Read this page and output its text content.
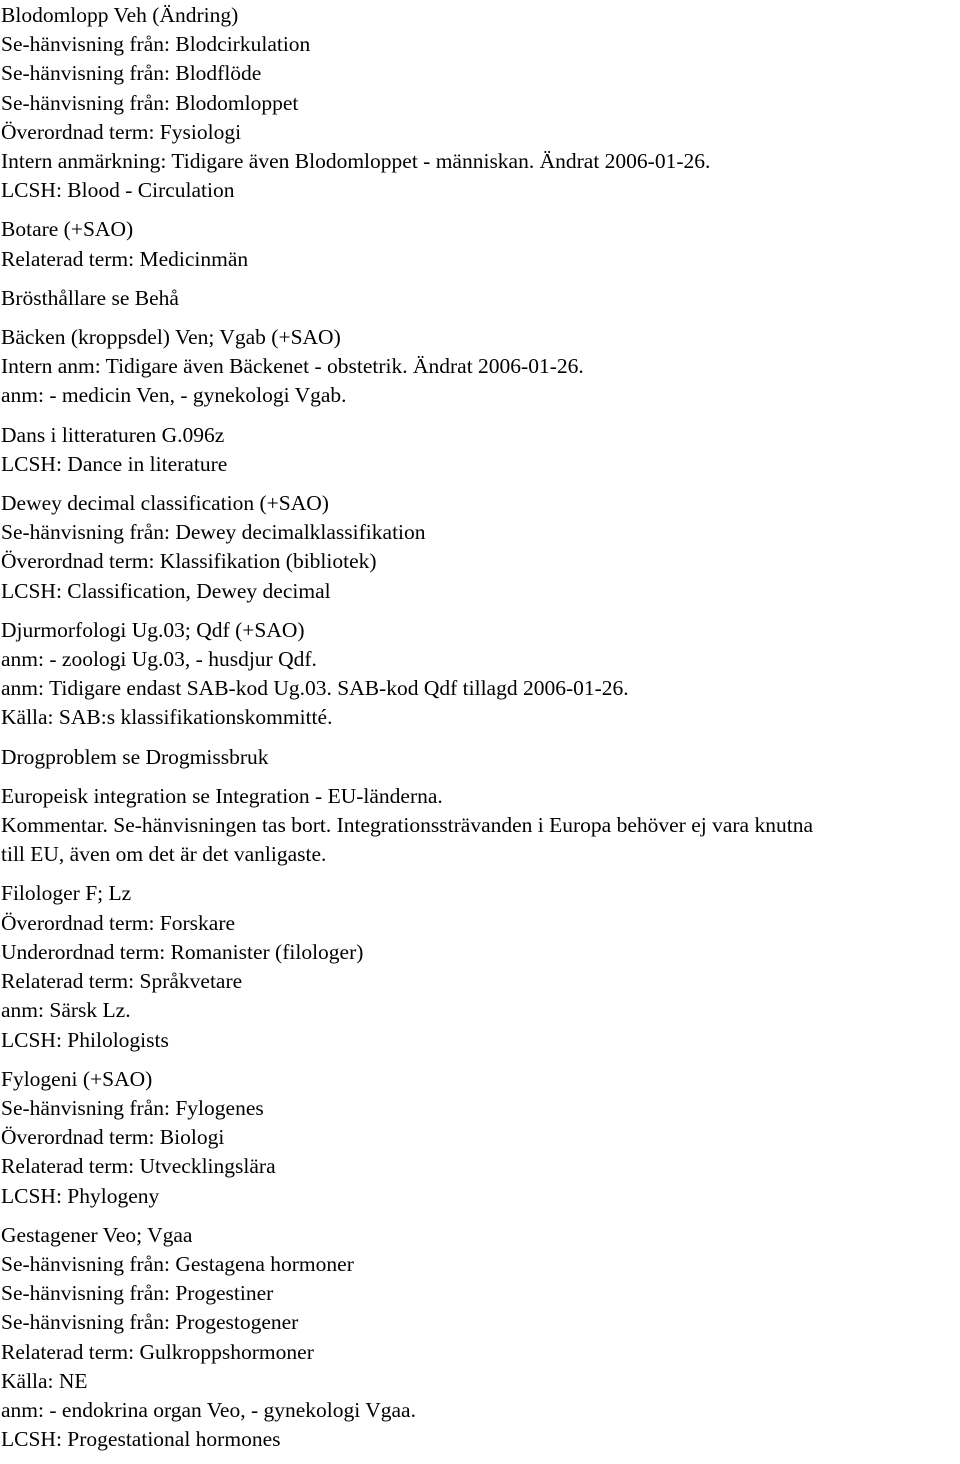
Blodomlopp Veh (Ändring)
Se-hänvisning från: Blodcirkulation
Se-hänvisning från: Blodflöde
Se-hänvisning från: Blodomloppet
Överordnad term: Fysiologi
Intern anmärkning: Tidigare även Blodomloppet - människan. Ändrat 2006-01-26.
LCSH: Blood - Circulation
Botare (+SAO)
Relaterad term: Medicinmän
Brösthållare se Behå
Bäcken (kroppsdel) Ven; Vgab (+SAO)
Intern anm: Tidigare även Bäckenet - obstetrik. Ändrat 2006-01-26.
anm: - medicin Ven, - gynekologi Vgab.
Dans i litteraturen G.096z
LCSH: Dance in literature
Dewey decimal classification (+SAO)
Se-hänvisning från: Dewey decimalklassifikation
Överordnad term: Klassifikation (bibliotek)
LCSH: Classification, Dewey decimal
Djurmorfologi Ug.03; Qdf (+SAO)
anm: - zoologi Ug.03, - husdjur Qdf.
anm: Tidigare endast SAB-kod Ug.03. SAB-kod Qdf tillagd 2006-01-26.
Källa: SAB:s klassifikationskommitté.
Drogproblem se Drogmissbruk
Europeisk integration se Integration - EU-länderna.
Kommentar. Se-hänvisningen tas bort. Integrationssträvanden i Europa behöver ej vara knutna
till EU, även om det är det vanligaste.
Filologer F; Lz
Överordnad term: Forskare
Underordnad term: Romanister (filologer)
Relaterad term: Språkvetare
anm: Särsk Lz.
LCSH: Philologists
Fylogeni (+SAO)
Se-hänvisning från: Fylogenes
Överordnad term: Biologi
Relaterad term: Utvecklingslära
LCSH: Phylogeny
Gestagener Veo; Vgaa
Se-hänvisning från: Gestagena hormoner
Se-hänvisning från: Progestiner
Se-hänvisning från: Progestogener
Relaterad term: Gulkroppshormoner
Källa: NE
anm: - endokrina organ Veo, - gynekologi Vgaa.
LCSH: Progestational hormones
